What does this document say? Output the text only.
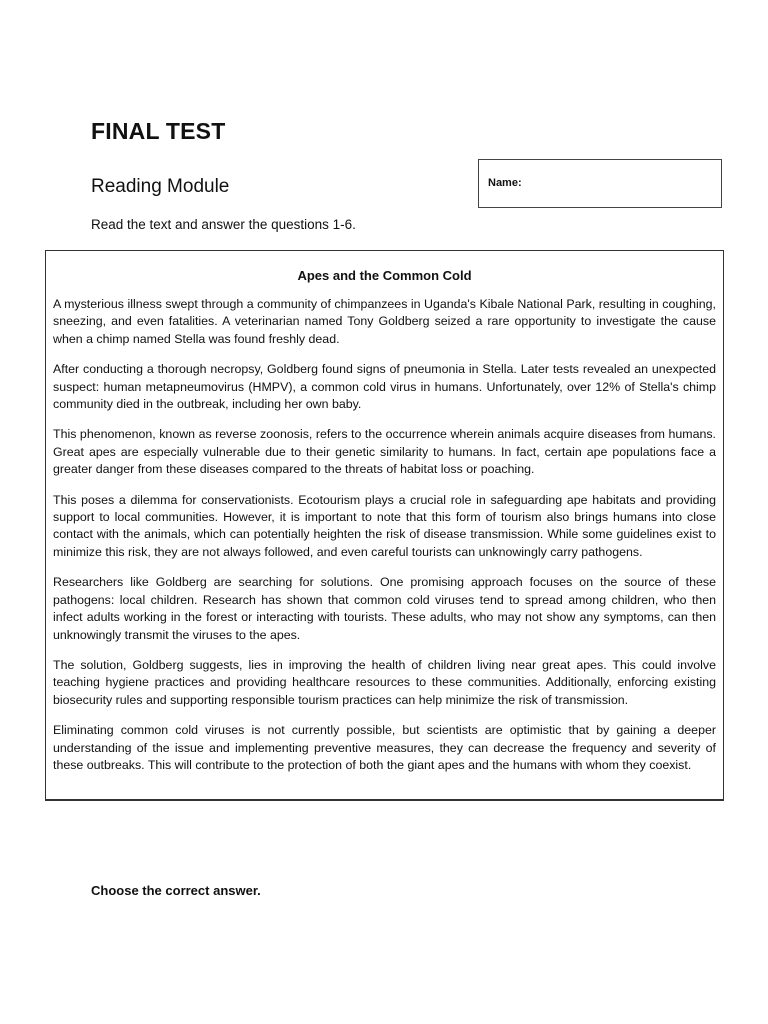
FINAL TEST
Reading Module	Name:

Read the text and answer the questions 1-6.

Apes and the Common Cold

A mysterious illness swept through a community of chimpanzees in Uganda's Kibale National Park, resulting in coughing, sneezing, and even fatalities. A veterinarian named Tony Goldberg seized a rare opportunity to investigate the cause when a chimp named Stella was found freshly dead.

After conducting a thorough necropsy, Goldberg found signs of pneumonia in Stella. Later tests revealed an unexpected suspect: human metapneumovirus (HMPV), a common cold virus in humans. Unfortunately, over 12% of Stella's chimp community died in the outbreak, including her own baby.

This phenomenon, known as reverse zoonosis, refers to the occurrence wherein animals acquire diseases from humans. Great apes are especially vulnerable due to their genetic similarity to humans. In fact, certain ape populations face a greater danger from these diseases compared to the threats of habitat loss or poaching.

This poses a dilemma for conservationists. Ecotourism plays a crucial role in safeguarding ape habitats and providing support to local communities. However, it is important to note that this form of tourism also brings humans into close contact with the animals, which can potentially heighten the risk of disease transmission. While some guidelines exist to minimize this risk, they are not always followed, and even careful tourists can unknowingly carry pathogens.

Researchers like Goldberg are searching for solutions. One promising approach focuses on the source of these pathogens: local children. Research has shown that common cold viruses tend to spread among children, who then infect adults working in the forest or interacting with tourists. These adults, who may not show any symptoms, can then unknowingly transmit the viruses to the apes.

The solution, Goldberg suggests, lies in improving the health of children living near great apes. This could involve teaching hygiene practices and providing healthcare resources to these communities. Additionally, enforcing existing biosecurity rules and supporting responsible tourism practices can help minimize the risk of transmission.

Eliminating common cold viruses is not currently possible, but scientists are optimistic that by gaining a deeper understanding of the issue and implementing preventive measures, they can decrease the frequency and severity of these outbreaks. This will contribute to the protection of both the giant apes and the humans with whom they coexist.

Choose the correct answer.
